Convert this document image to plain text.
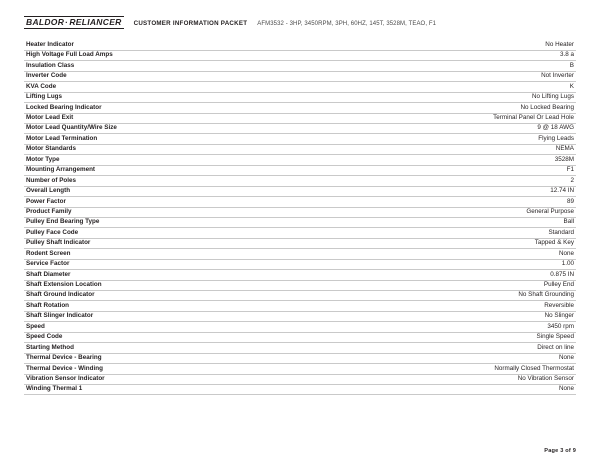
BALDOR·RELIANCER	CUSTOMER INFORMATION PACKET AFM3532 - 3HP, 3450RPM, 3PH, 60HZ, 145T, 3528M, TEAO, F1
Heater Indicator	No Heater
High Voltage Full Load Amps	3.8 a
Insulation Class	B
Inverter Code	Not Inverter
KVA Code	K
Lifting Lugs	No Lifting Lugs
Locked Bearing Indicator	No Locked Bearing
Motor Lead Exit	Terminal Panel Or Lead Hole
Motor Lead Quantity/Wire Size	9 @ 18 AWG
Motor Lead Termination	Flying Leads
Motor Standards	NEMA
Motor Type	3528M
Mounting Arrangement	F1
Number of Poles	2
Overall Length	12.74 IN
Power Factor	89
Product Family	General Purpose
Pulley End Bearing Type	Ball
Pulley Face Code	Standard
Pulley Shaft Indicator	Tapped & Key
Rodent Screen	None
Service Factor	1.00
Shaft Diameter	0.875 IN
Shaft Extension Location	Pulley End
Shaft Ground Indicator	No Shaft Grounding
Shaft Rotation	Reversible
Shaft Slinger Indicator	No Slinger
Speed	3450 rpm
Speed Code	Single Speed
Starting Method	Direct on line
Thermal Device - Bearing	None
Thermal Device - Winding	Normally Closed Thermostat
Vibration Sensor Indicator	No Vibration Sensor
Winding Thermal 1	None
Page 3 of 9
